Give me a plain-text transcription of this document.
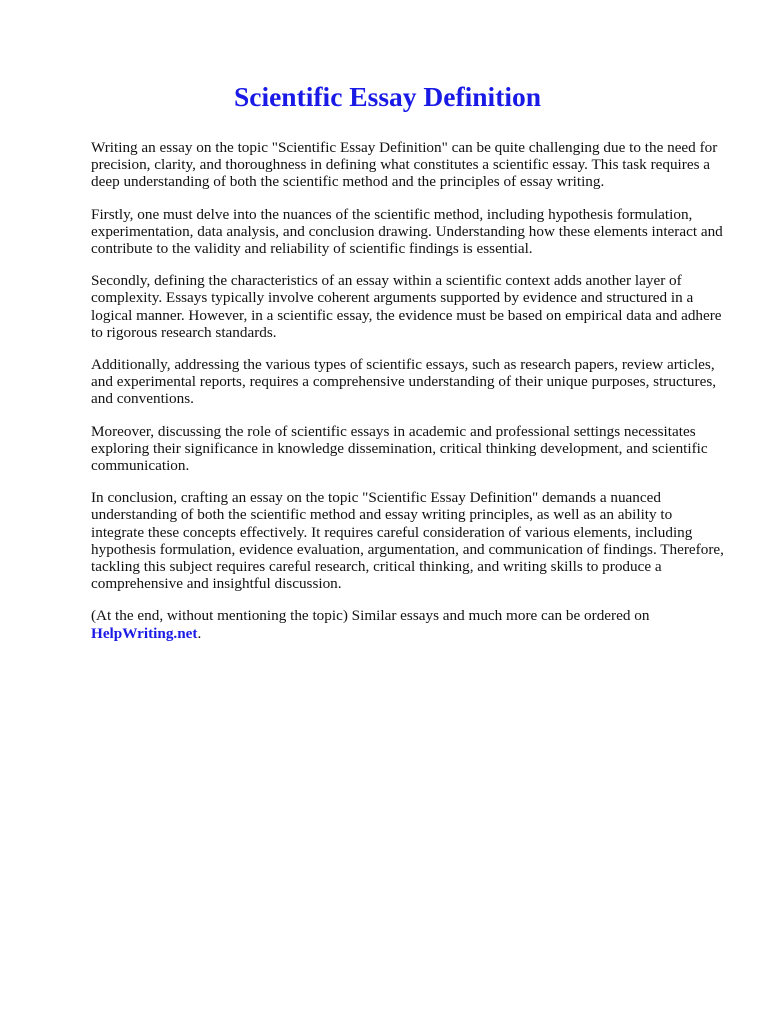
Scientific Essay Definition

Writing an essay on the topic "Scientific Essay Definition" can be quite challenging due to the need for precision, clarity, and thoroughness in defining what constitutes a scientific essay. This task requires a deep understanding of both the scientific method and the principles of essay writing.

Firstly, one must delve into the nuances of the scientific method, including hypothesis formulation, experimentation, data analysis, and conclusion drawing. Understanding how these elements interact and contribute to the validity and reliability of scientific findings is essential.

Secondly, defining the characteristics of an essay within a scientific context adds another layer of complexity. Essays typically involve coherent arguments supported by evidence and structured in a logical manner. However, in a scientific essay, the evidence must be based on empirical data and adhere to rigorous research standards.

Additionally, addressing the various types of scientific essays, such as research papers, review articles, and experimental reports, requires a comprehensive understanding of their unique purposes, structures, and conventions.

Moreover, discussing the role of scientific essays in academic and professional settings necessitates exploring their significance in knowledge dissemination, critical thinking development, and scientific communication.

In conclusion, crafting an essay on the topic "Scientific Essay Definition" demands a nuanced understanding of both the scientific method and essay writing principles, as well as an ability to integrate these concepts effectively. It requires careful consideration of various elements, including hypothesis formulation, evidence evaluation, argumentation, and communication of findings. Therefore, tackling this subject requires careful research, critical thinking, and writing skills to produce a comprehensive and insightful discussion.

(At the end, without mentioning the topic) Similar essays and much more can be ordered on HelpWriting.net.
